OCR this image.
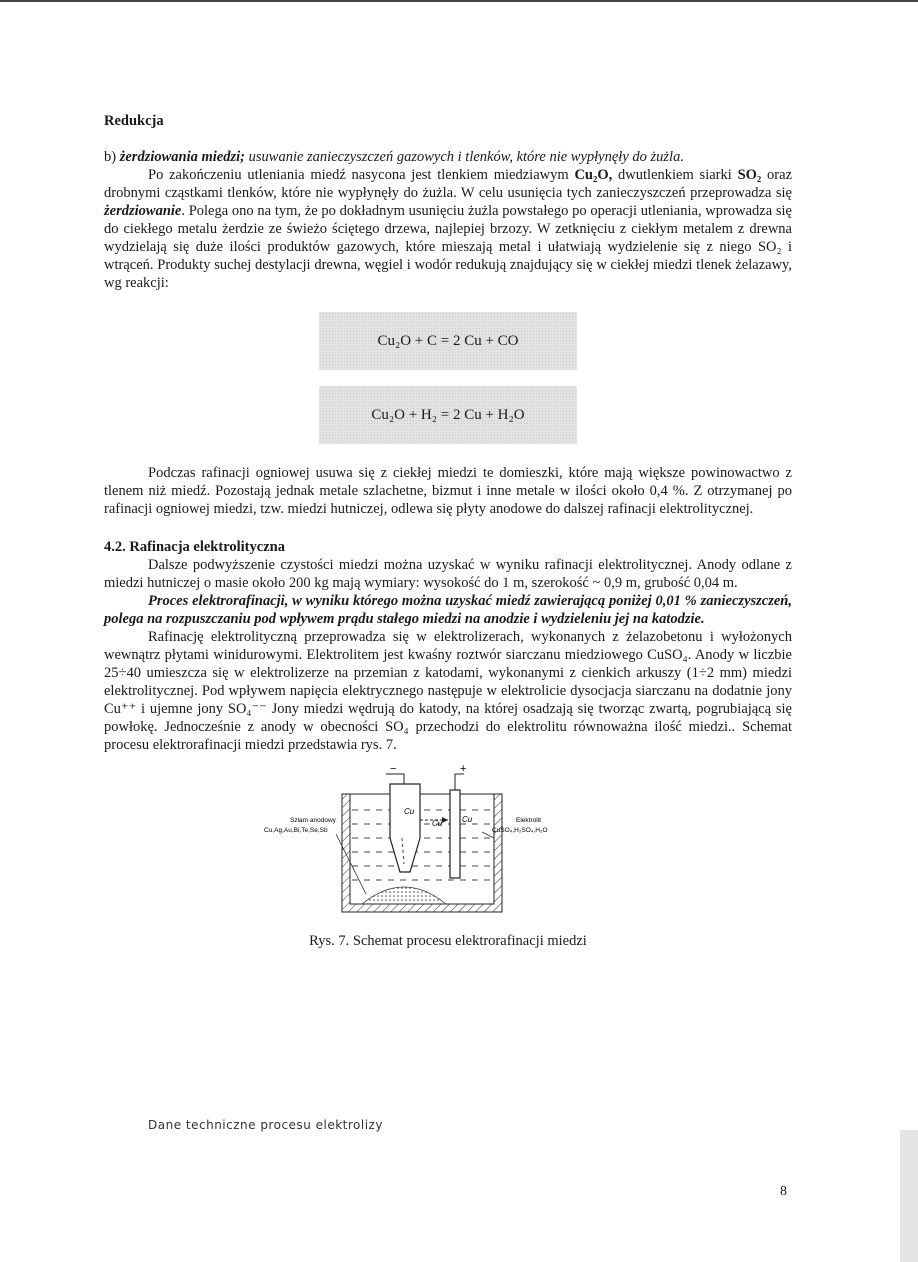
Redukcja

b) żerdziowania miedzi; usuwanie zanieczyszczeń gazowych i tlenków, które nie wypłynęły do żużla.

Po zakończeniu utleniania miedź nasycona jest tlenkiem miedziawym Cu₂O, dwutlenkiem siarki SO₂ oraz drobnymi cząstkami tlenków, które nie wypłynęły do żużla. W celu usunięcia tych zanieczyszczeń przeprowadza się żerdziowanie. Polega ono na tym, że po dokładnym usunięciu żużla powstałego po operacji utleniania, wprowadza się do ciekłego metalu żerdzie ze świeżo ściętego drzewa, najlepiej brzozy. W zetknięciu z ciekłym metalem z drewna wydzielają się duże ilości produktów gazowych, które mieszają metal i ułatwiają wydzielenie się z niego SO₂ i wtrąceń. Produkty suchej destylacji drewna, węgiel i wodór redukują znajdujący się w ciekłej miedzi tlenek żelazawy, wg reakcji:

Cu₂O + C = 2 Cu + CO
Cu₂O + H₂ = 2 Cu + H₂O

Podczas rafinacji ogniowej usuwa się z ciekłej miedzi te domieszki, które mają większe powinowactwo z tlenem niż miedź. Pozostają jednak metale szlachetne, bizmut i inne metale w ilości około 0,4 %. Z otrzymanej po rafinacji ogniowej miedzi, tzw. miedzi hutniczej, odlewa się płyty anodowe do dalszej rafinacji elektrolitycznej.

4.2. Rafinacja elektrolityczna

Dalsze podwyższenie czystości miedzi można uzyskać w wyniku rafinacji elektrolitycznej. Anody odlane z miedzi hutniczej o masie około 200 kg mają wymiary: wysokość do 1 m, szerokość ~ 0,9 m, grubość 0,04 m.

Proces elektrorafinacji, w wyniku którego można uzyskać miedź zawierającą poniżej 0,01 % zanieczyszczeń, polega na rozpuszczaniu pod wpływem prądu stałego miedzi na anodzie i wydzieleniu jej na katodzie.

Rafinację elektrolityczną przeprowadza się w elektrolizerach, wykonanych z żelazobetonu i wyłożonych wewnątrz płytami winidurowymi. Elektrolitem jest kwaśny roztwór siarczanu miedziowego CuSO₄. Anody w liczbie 25÷40 umieszcza się w elektrolizerze na przemian z katodami, wykonanymi z cienkich arkuszy (1÷2 mm) miedzi elektrolitycznej. Pod wpływem napięcia elektrycznego następuje w elektrolicie dysocjacja siarczanu na dodatnie jony Cu⁺⁺ i ujemne jony SO₄⁻⁻ Jony miedzi wędrują do katody, na której osadzają się tworząc zwartą, pogrubiającą się powłokę. Jednocześnie z anody w obecności SO₄ przechodzi do elektrolitu równoważna ilość miedzi.. Schemat procesu elektrorafinacji miedzi przedstawia rys. 7.

−	+
Cu
Cu Cu
Szlam anodowy
Cu,Ag,Au,Bi,Te,Se,Sb
Elektrolit
CuSO₄,H₂SO₄,H₂O
Rys. 7. Schemat procesu elektrorafinacji miedzi
Dane techniczne procesu elektrolizy
8
